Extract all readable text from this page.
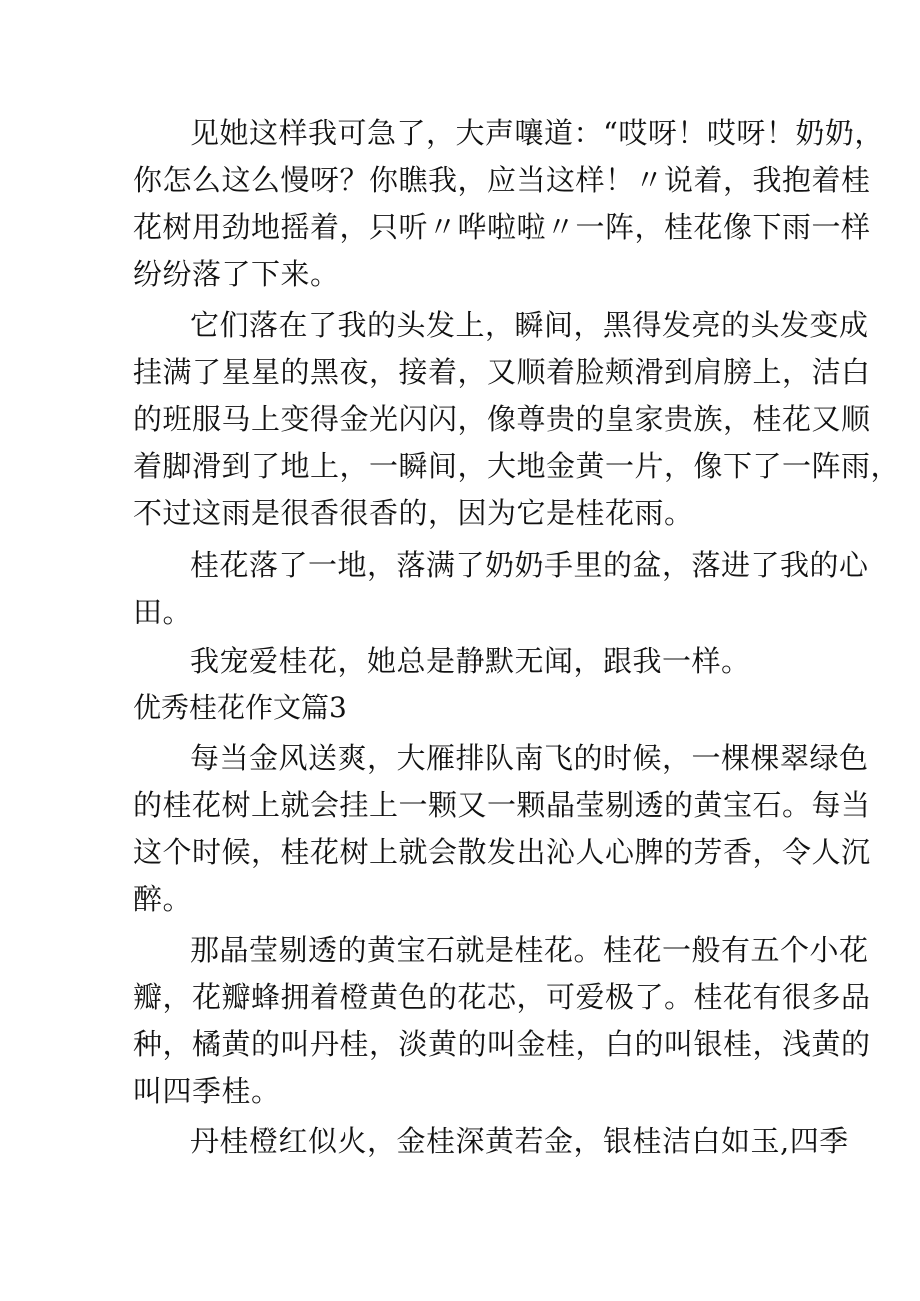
见她这样我可急了，大声嚷道：“哎呀！哎呀！奶奶，
你怎么这么慢呀？你瞧我，应当这样！〃说着，我抱着桂
花树用劲地摇着，只听〃哗啦啦〃一阵，桂花像下雨一样
纷纷落了下来。
它们落在了我的头发上，瞬间，黑得发亮的头发变成
挂满了星星的黑夜，接着，又顺着脸颊滑到肩膀上，洁白
的班服马上变得金光闪闪，像尊贵的皇家贵族，桂花又顺
着脚滑到了地上，一瞬间，大地金黄一片，像下了一阵雨，
不过这雨是很香很香的，因为它是桂花雨。
桂花落了一地，落满了奶奶手里的盆，落进了我的心
田。
我宠爱桂花，她总是静默无闻，跟我一样。
优秀桂花作文篇3
每当金风送爽，大雁排队南飞的时候，一棵棵翠绿色
的桂花树上就会挂上一颗又一颗晶莹剔透的黄宝石。每当
这个时候，桂花树上就会散发出沁人心脾的芳香，令人沉
醉。
那晶莹剔透的黄宝石就是桂花。桂花一般有五个小花
瓣，花瓣蜂拥着橙黄色的花芯，可爱极了。桂花有很多品
种，橘黄的叫丹桂，淡黄的叫金桂，白的叫银桂，浅黄的
叫四季桂。
丹桂橙红似火，金桂深黄若金，银桂洁白如玉,四季
